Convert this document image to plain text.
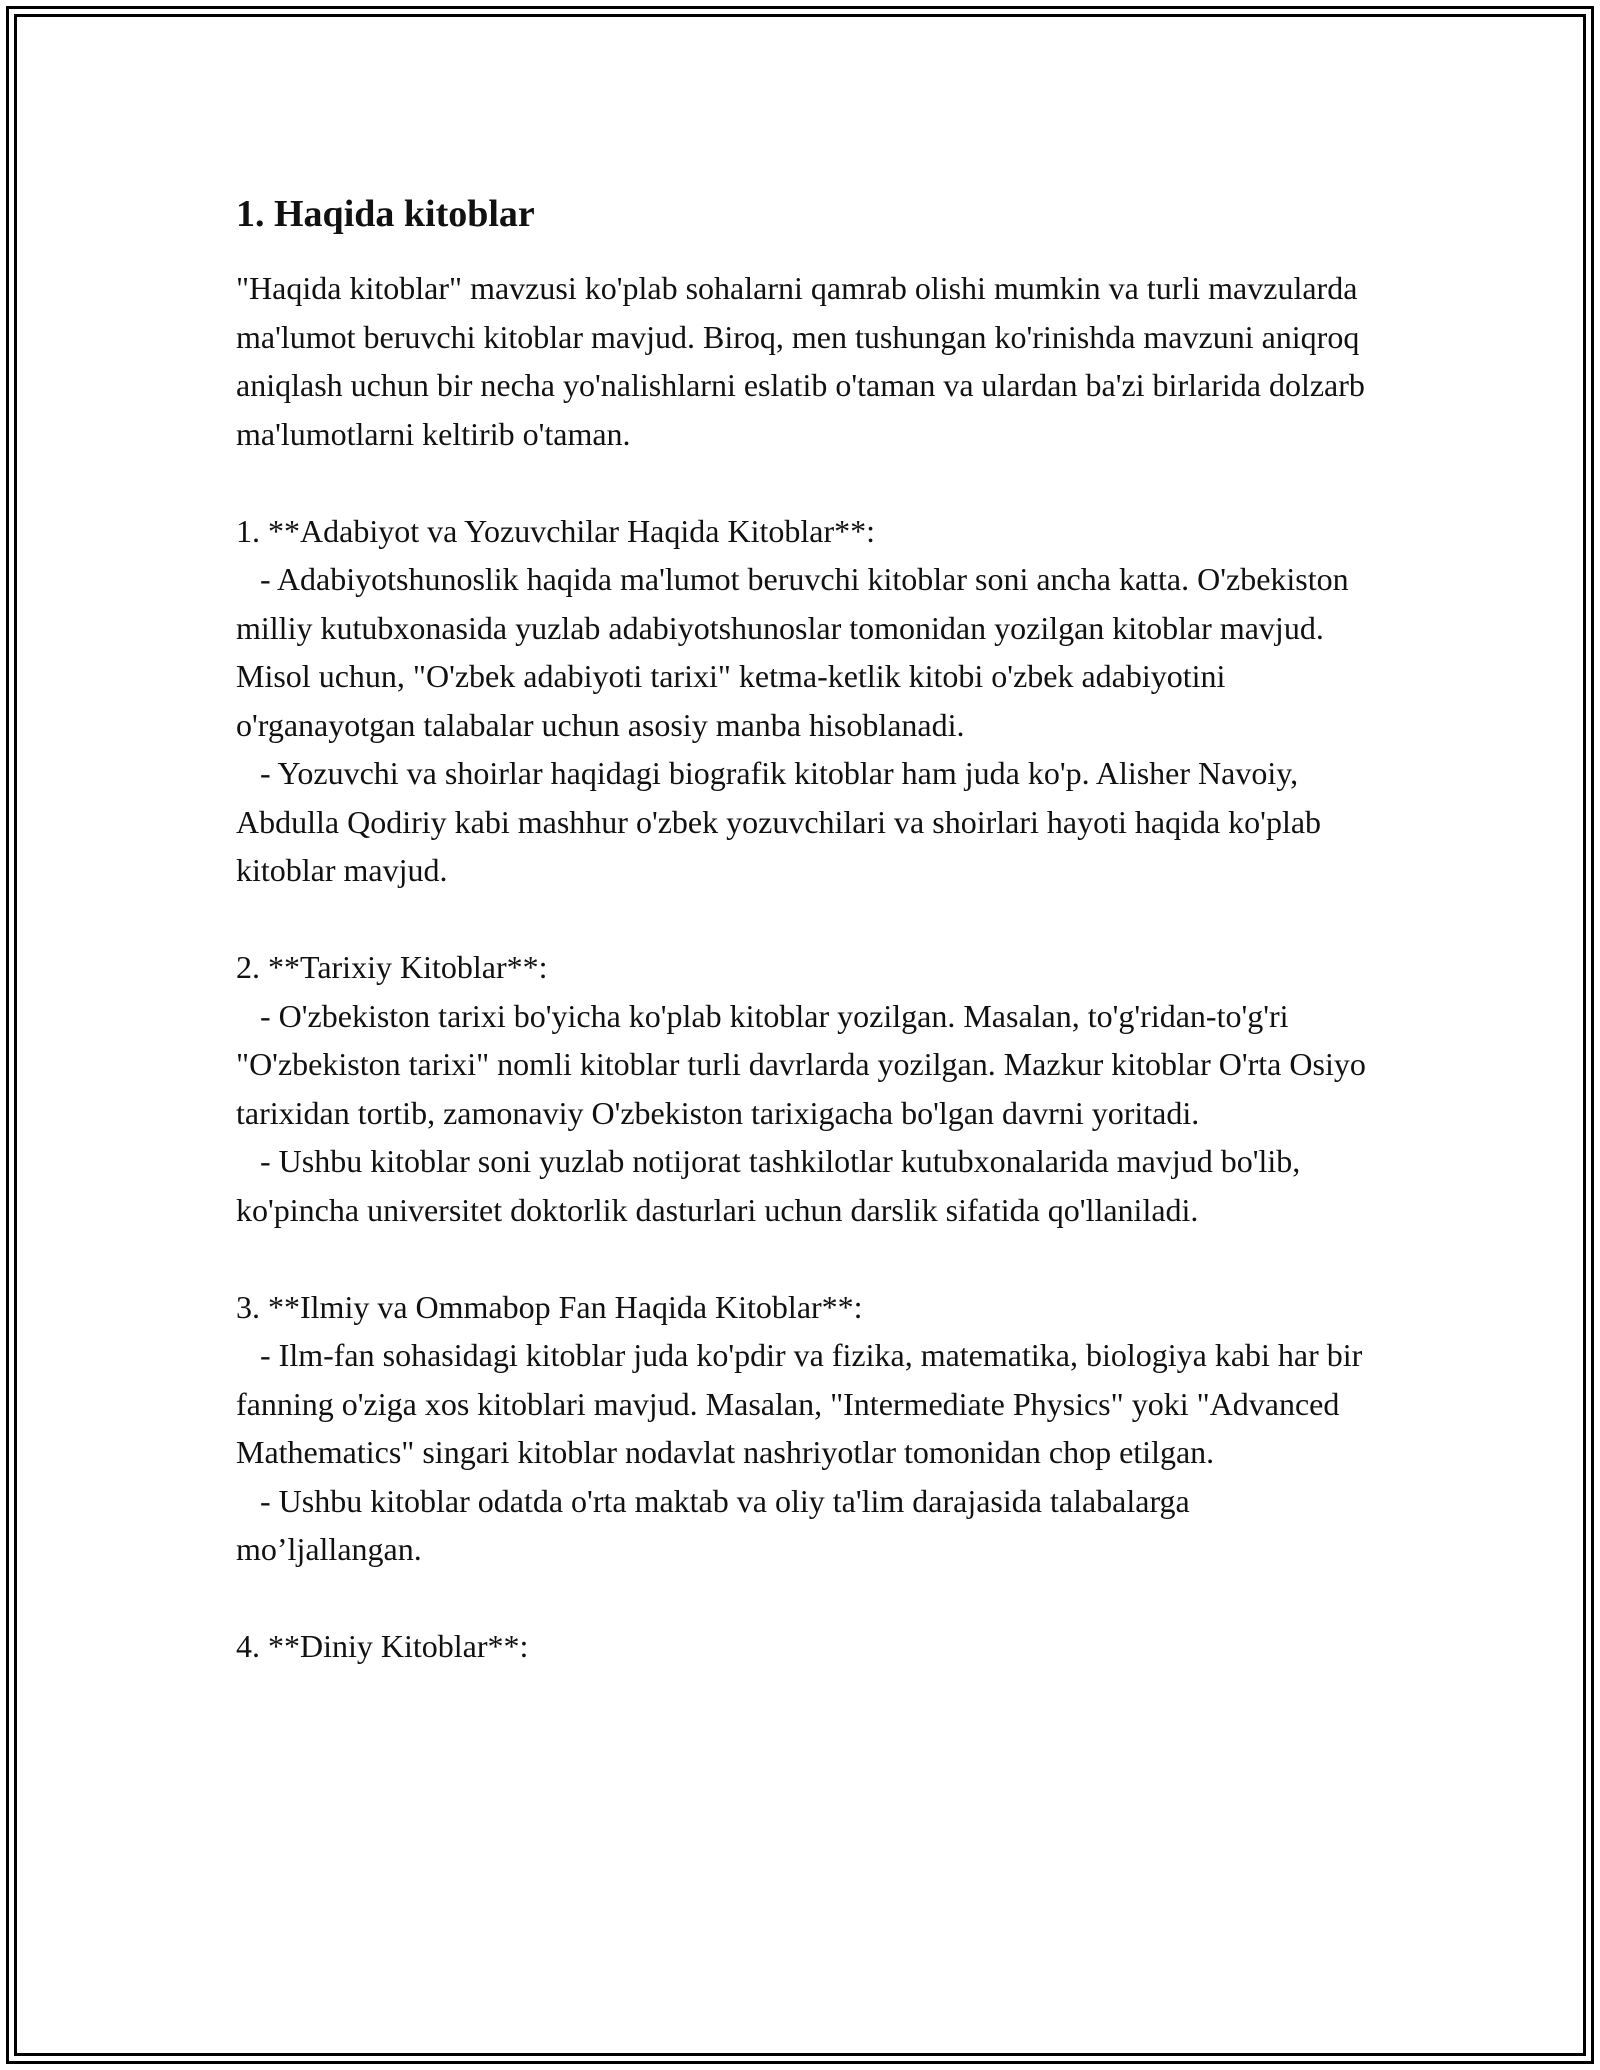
1. Haqida kitoblar

"Haqida kitoblar" mavzusi ko'plab sohalarni qamrab olishi mumkin va turli mavzularda ma'lumot beruvchi kitoblar mavjud. Biroq, men tushungan ko'rinishda mavzuni aniqroq aniqlash uchun bir necha yo'nalishlarni eslatib o'taman va ulardan ba'zi birlarida dolzarb ma'lumotlarni keltirib o'taman.

1. **Adabiyot va Yozuvchilar Haqida Kitoblar**:

- Adabiyotshunoslik haqida ma'lumot beruvchi kitoblar soni ancha katta. O'zbekiston milliy kutubxonasida yuzlab adabiyotshunoslar tomonidan yozilgan kitoblar mavjud. Misol uchun, "O'zbek adabiyoti tarixi" ketma-ketlik kitobi o'zbek adabiyotini o'rganayotgan talabalar uchun asosiy manba hisoblanadi.

- Yozuvchi va shoirlar haqidagi biografik kitoblar ham juda ko'p. Alisher Navoiy, Abdulla Qodiriy kabi mashhur o'zbek yozuvchilari va shoirlari hayoti haqida ko'plab kitoblar mavjud.

2. **Tarixiy Kitoblar**:

- O'zbekiston tarixi bo'yicha ko'plab kitoblar yozilgan. Masalan, to'g'ridan-to'g'ri "O'zbekiston tarixi" nomli kitoblar turli davrlarda yozilgan. Mazkur kitoblar O'rta Osiyo tarixidan tortib, zamonaviy O'zbekiston tarixigacha bo'lgan davrni yoritadi.

- Ushbu kitoblar soni yuzlab notijorat tashkilotlar kutubxonalarida mavjud bo'lib, ko'pincha universitet doktorlik dasturlari uchun darslik sifatida qo'llaniladi.

3. **Ilmiy va Ommabop Fan Haqida Kitoblar**:

- Ilm-fan sohasidagi kitoblar juda ko'pdir va fizika, matematika, biologiya kabi har bir fanning o'ziga xos kitoblari mavjud. Masalan, "Intermediate Physics" yoki "Advanced Mathematics" singari kitoblar nodavlat nashriyotlar tomonidan chop etilgan.

- Ushbu kitoblar odatda o'rta maktab va oliy ta'lim darajasida talabalarga mo’ljallangan.

4. **Diniy Kitoblar**:
